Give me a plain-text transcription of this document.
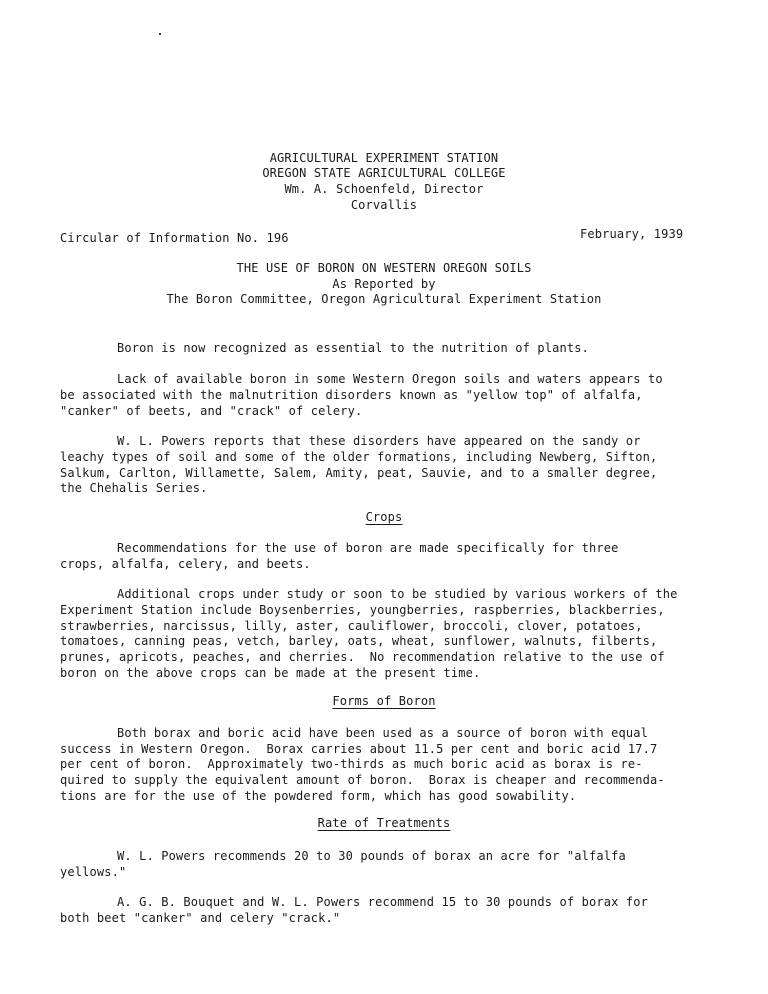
AGRICULTURAL EXPERIMENT STATION
OREGON STATE AGRICULTURAL COLLEGE
Wm. A. Schoenfeld, Director
Corvallis
Circular of Information No. 196	February, 1939
THE USE OF BORON ON WESTERN OREGON SOILS
As Reported by
The Boron Committee, Oregon Agricultural Experiment Station
Boron is now recognized as essential to the nutrition of plants.
Lack of available boron in some Western Oregon soils and waters appears to
be associated with the malnutrition disorders known as "yellow top" of alfalfa,
"canker" of beets, and "crack" of celery.
W. L. Powers reports that these disorders have appeared on the sandy or
leachy types of soil and some of the older formations, including Newberg, Sifton,
Salkum, Carlton, Willamette, Salem, Amity, peat, Sauvie, and to a smaller degree,
the Chehalis Series.
Crops
Recommendations for the use of boron are made specifically for three
crops, alfalfa, celery, and beets.
Additional crops under study or soon to be studied by various workers of the
Experiment Station include Boysenberries, youngberries, raspberries, blackberries,
strawberries, narcissus, lilly, aster, cauliflower, broccoli, clover, potatoes,
tomatoes, canning peas, vetch, barley, oats, wheat, sunflower, walnuts, filberts,
prunes, apricots, peaches, and cherries.  No recommendation relative to the use of
boron on the above crops can be made at the present time.
Forms of Boron
Both borax and boric acid have been used as a source of boron with equal
success in Western Oregon.  Borax carries about 11.5 per cent and boric acid 17.7
per cent of boron.  Approximately two-thirds as much boric acid as borax is re-
quired to supply the equivalent amount of boron.  Borax is cheaper and recommenda-
tions are for the use of the powdered form, which has good sowability.
Rate of Treatments
W. L. Powers recommends 20 to 30 pounds of borax an acre for "alfalfa
yellows."
A. G. B. Bouquet and W. L. Powers recommend 15 to 30 pounds of borax for
both beet "canker" and celery "crack."
